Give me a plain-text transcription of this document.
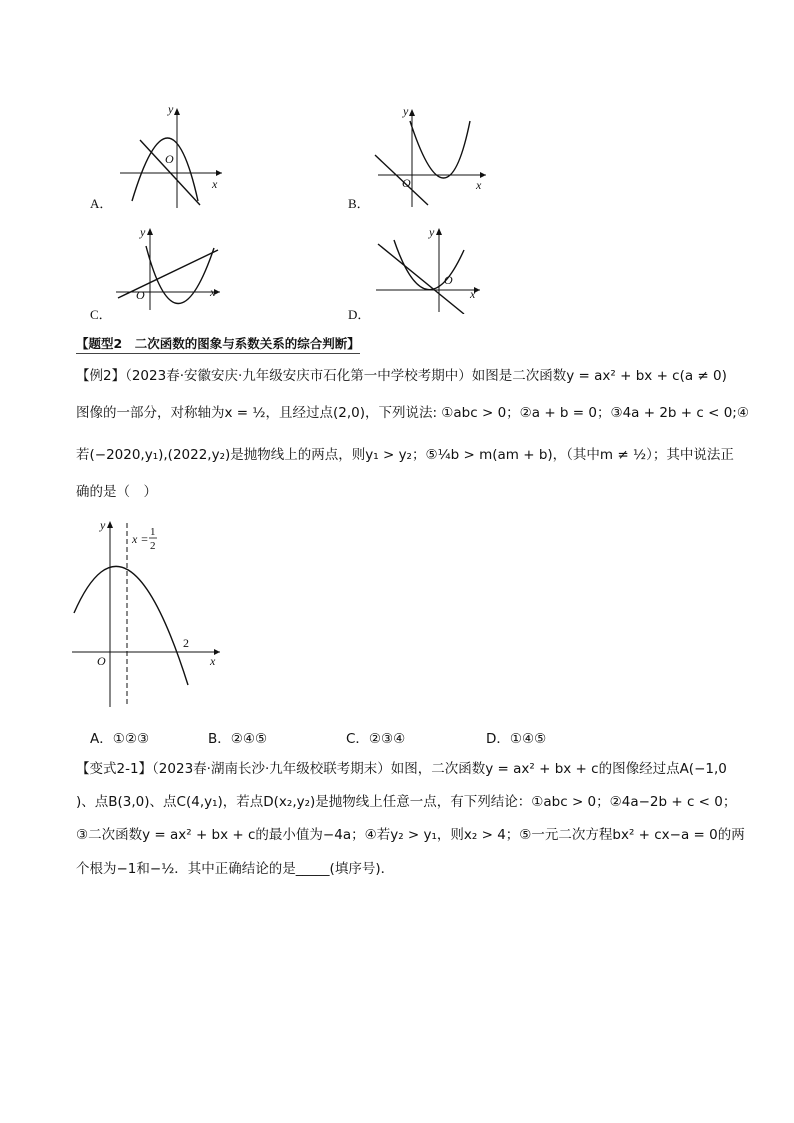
y
x
O
A．
y
x
O
B．
y
x
O
C．
y
x
O
D．
【题型2　二次函数的图象与系数关系的综合判断】
【例2】（2023春·安徽安庆·九年级安庆市石化第一中学校考期中）如图是二次函数y = ax² + bx + c(a ≠ 0)
图像的一部分，对称轴为x = ½，且经过点(2,0)，下列说法: ①abc > 0；②a + b = 0；③4a + 2b + c < 0;④
若(−2020,y₁),(2022,y₂)是抛物线上的两点，则y₁ > y₂；⑤¼b > m(am + b)，（其中m ≠ ½）；其中说法正
确的是（　）
y
x
O
x = 1
2
2
A．①②③	B．②④⑤	C．②③④	D．①④⑤
【变式2-1】（2023春·湖南长沙·九年级校联考期末）如图，二次函数y = ax² + bx + c的图像经过点A(−1,0
)、点B(3,0)、点C(4,y₁)，若点D(x₂,y₂)是抛物线上任意一点，有下列结论：①abc > 0；②4a−2b + c < 0；
③二次函数y = ax² + bx + c的最小值为−4a；④若y₂ > y₁，则x₂ > 4；⑤一元二次方程bx² + cx−a = 0的两
个根为−1和−½．其中正确结论的是_____(填序号)．
